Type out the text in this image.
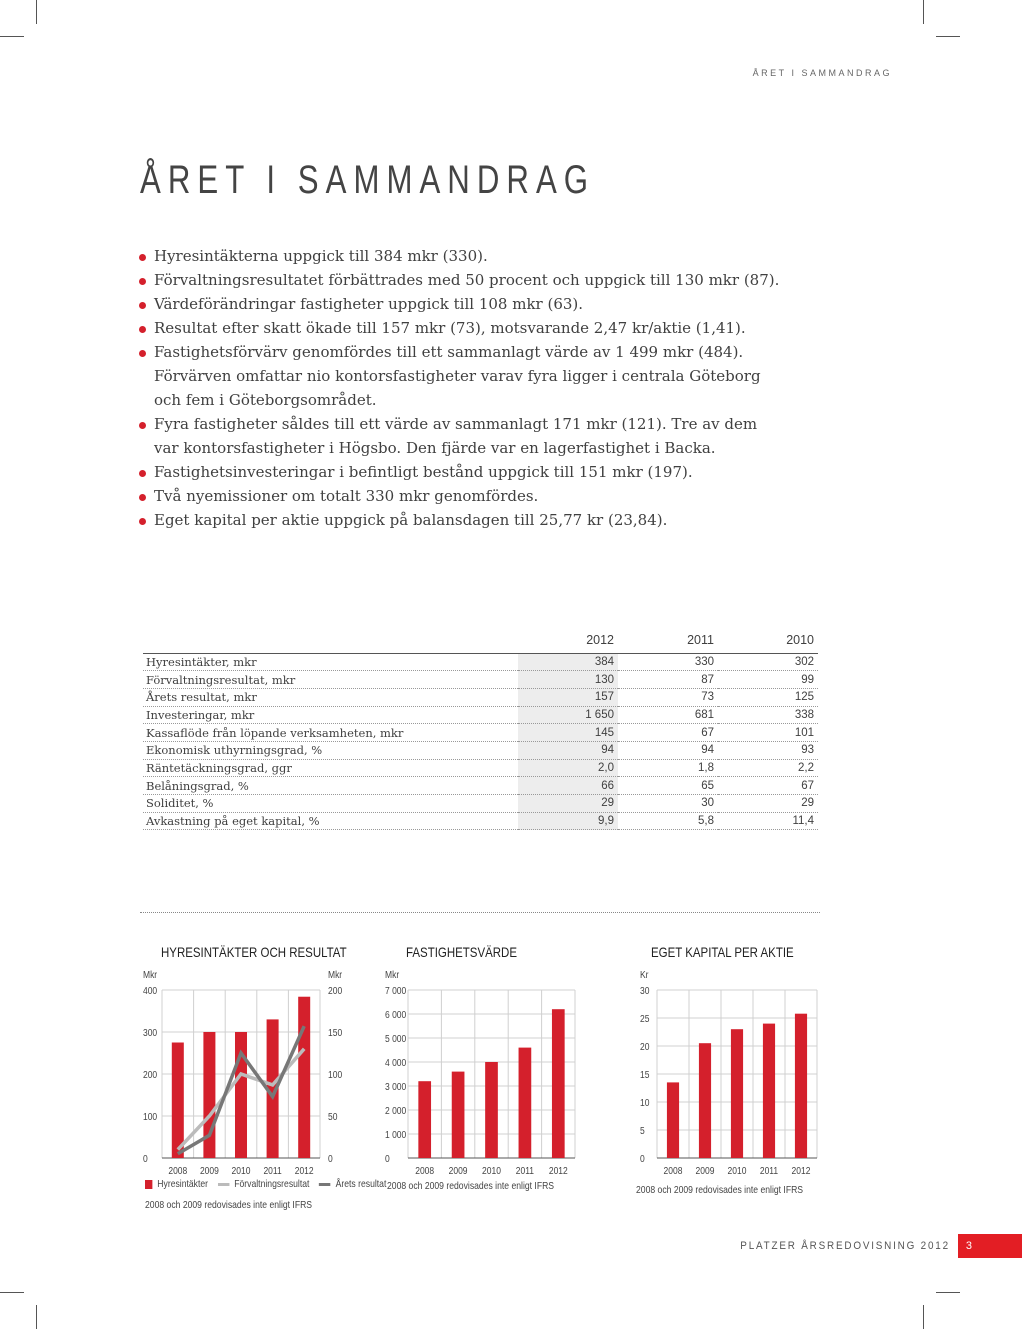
ÅRET I SAMMANDRAG
ÅRET I SAMMANDRAG
Hyresintäkterna uppgick till 384 mkr (330).
Förvaltningsresultatet förbättrades med 50 procent och uppgick till 130 mkr (87).
Värdeförändringar fastigheter uppgick till 108 mkr (63).
Resultat efter skatt ökade till 157 mkr (73), motsvarande 2,47 kr/aktie (1,41).
Fastighetsförvärv genomfördes till ett sammanlagt värde av 1 499 mkr (484).
Förvärven omfattar nio kontorsfastigheter varav fyra ligger i centrala Göteborg
och fem i Göteborgsområdet.
Fyra fastigheter såldes till ett värde av sammanlagt 171 mkr (121). Tre av dem
var kontorsfastigheter i Högsbo. Den fjärde var en lagerfastighet i Backa.
Fastighetsinvesteringar i befintligt bestånd uppgick till 151 mkr (197).
Två nyemissioner om totalt 330 mkr genomfördes.
Eget kapital per aktie uppgick på balansdagen till 25,77 kr (23,84).
	2012	2011	2010
Hyresintäkter, mkr	384	330	302
Förvaltningsresultat, mkr	130	87	99
Årets resultat, mkr	157	73	125
Investeringar, mkr	1 650	681	338
Kassaflöde från löpande verksamheten, mkr	145	67	101
Ekonomisk uthyrningsgrad, %	94	94	93
Räntetäckningsgrad, ggr	2,0	1,8	2,2
Belåningsgrad, %	66	65	67
Soliditet, %	29	30	29
Avkastning på eget kapital, %	9,9	5,8	11,4
HYRESINTÄKTER OCH RESULTAT
0
100
200
300
400
Mkr
0
50
100
150
200
Mkr
2008 2009 2010 2011 2012
Hyresintäkter Förvaltningsresultat Årets resultat
2008 och 2009 redovisades inte enligt IFRS
FASTIGHETSVÄRDE
0
1 000
2 000
3 000
4 000
5 000
6 000
7 000
Mkr
2008 2009 2010 2011 2012
2008 och 2009 redovisades inte enligt IFRS
EGET KAPITAL PER AKTIE
0
5
10
15
20
25
30
Kr
2008 2009 2010 2011 2012
2008 och 2009 redovisades inte enligt IFRS
PLATZER ÅRSREDOVISNING 2012	3
